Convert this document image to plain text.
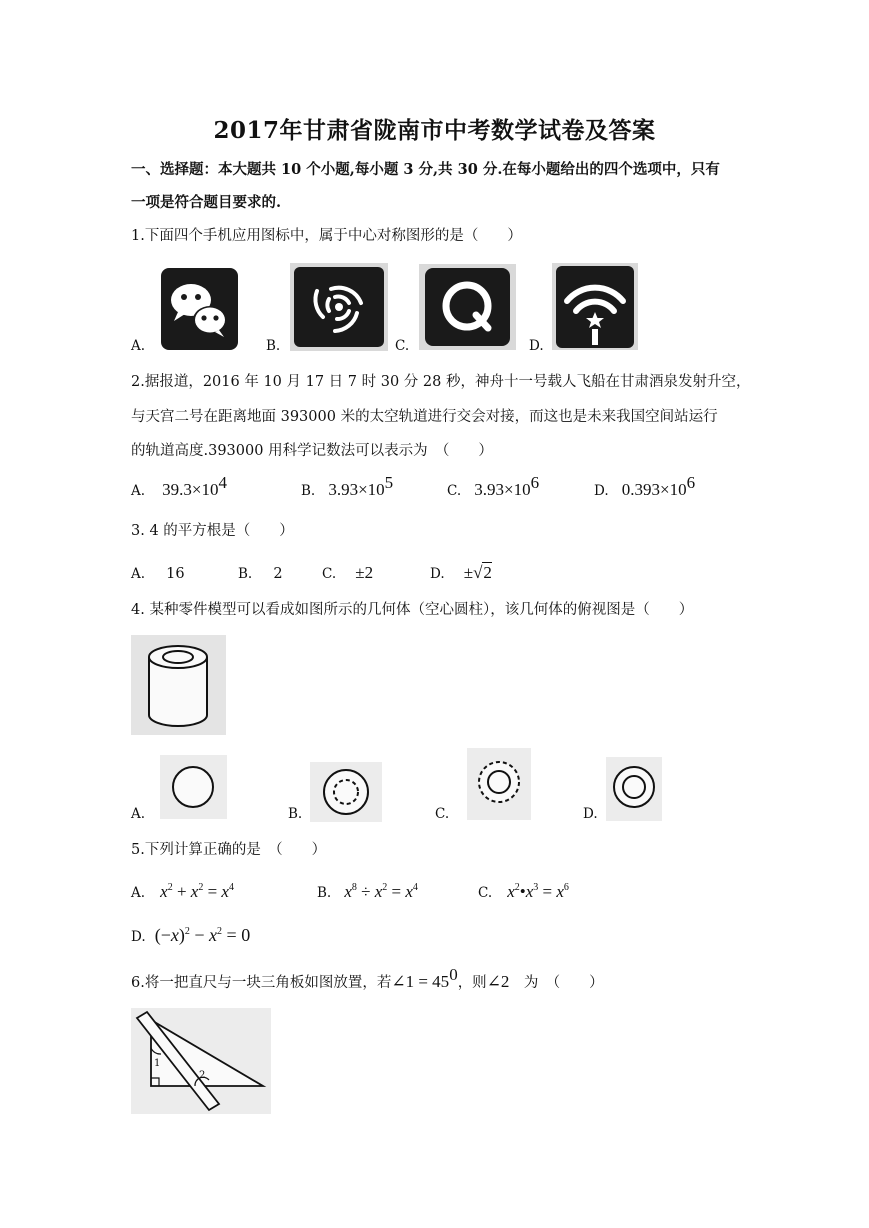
2017年甘肃省陇南市中考数学试卷及答案
一、选择题：本大题共 10 个小题,每小题 3 分,共 30 分.在每小题给出的四个选项中，只有
一项是符合题目要求的.
1.下面四个手机应用图标中，属于中心对称图形的是（　　）
A.	B.	C.	D.
2.据报道，2016 年 10 月 17 日 7 时 30 分 28 秒，神舟十一号载人飞船在甘肃酒泉发射升空，
与天宫二号在距离地面 393000 米的太空轨道进行交会对接，而这也是未来我国空间站运行
的轨道高度.393000 用科学记数法可以表示为　（　　）
A. $39.3\times 10^4$	B. $3.93\times 10^5$	C. $3.93\times 10^6$	D. $0.393\times 10^6$
3. 4 的平方根是（　　）
A. 16	B. 2	C. ±2	D. ±√2
4. 某种零件模型可以看成如图所示的几何体（空心圆柱），该几何体的俯视图是（　　）
A.	B.	C.	D.
5.下列计算正确的是　（　　）
A. $x^2 + x^2 = x^4$	B. $x^8 \div x^2 = x^4$	C. $x^2•x^3 = x^6$
D. $(-x)^2 - x^2 = 0$
6.将一把直尺与一块三角板如图放置，若∠1 = $45^0$，则∠2　为　（　　）
1
2
